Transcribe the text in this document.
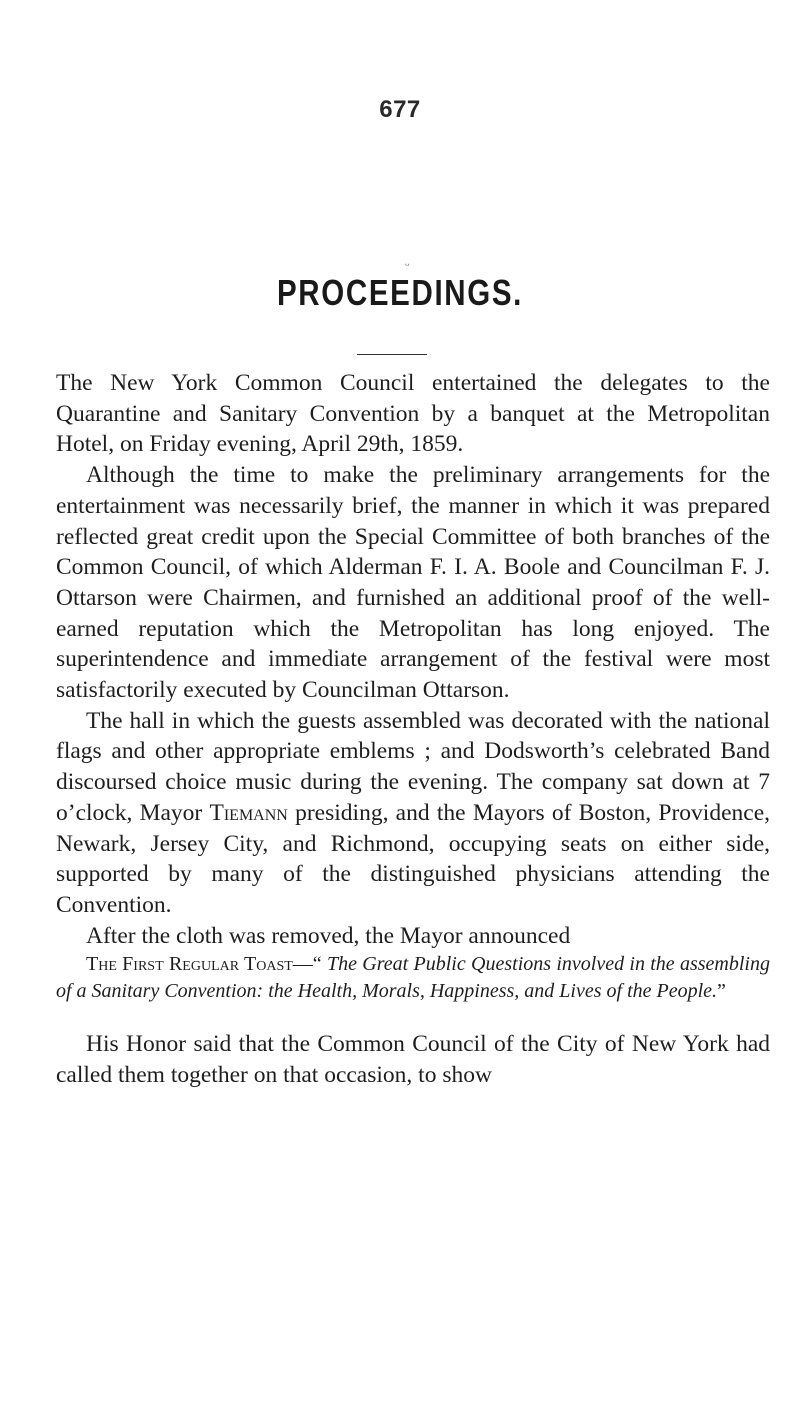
677
ᴗ
PROCEEDINGS.

The New York Common Council entertained the delegates to the Quarantine and Sanitary Convention by a banquet at the Metropolitan Hotel, on Friday evening, April 29th, 1859.

Although the time to make the preliminary arrangements for the entertainment was necessarily brief, the manner in which it was prepared reflected great credit upon the Special Committee of both branches of the Common Council, of which Alderman F. I. A. Boole and Councilman F. J. Ottarson were Chairmen, and furnished an additional proof of the well-earned reputation which the Metropolitan has long enjoyed. The superintendence and immediate arrangement of the festival were most satisfactorily executed by Councilman Ottarson.

The hall in which the guests assembled was decorated with the national flags and other appropriate emblems ; and Dodsworth’s celebrated Band discoursed choice music during the evening. The company sat down at 7 o’clock, Mayor Tiemann presiding, and the Mayors of Boston, Providence, Newark, Jersey City, and Richmond, occupying seats on either side, supported by many of the distinguished physicians attending the Convention.

After the cloth was removed, the Mayor announced

The First Regular Toast—“ The Great Public Questions involved in the assembling of a Sanitary Convention: the Health, Morals, Happiness, and Lives of the People.”

His Honor said that the Common Council of the City of New York had called them together on that occasion, to show
